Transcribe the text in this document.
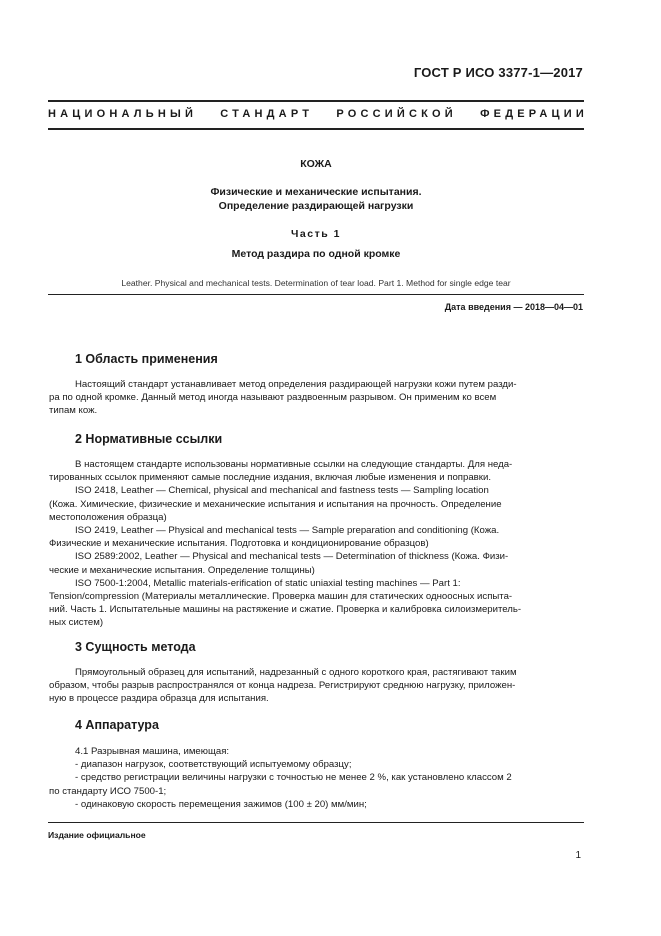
ГОСТ Р ИСО 3377-1—2017
НАЦИОНАЛЬНЫЙ СТАНДАРТ РОССИЙСКОЙ ФЕДЕРАЦИИ
КОЖА
Физические и механические испытания.
Определение раздирающей нагрузки
Часть 1
Метод раздира по одной кромке
Leather. Physical and mechanical tests. Determination of tear load. Part 1. Method for single edge tear
Дата введения — 2018—04—01
1 Область применения

Настоящий стандарт устанавливает метод определения раздирающей нагрузки кожи путем разди-

ра по одной кромке. Данный метод иногда называют раздвоенным разрывом. Он применим ко всем

типам кож.

2 Нормативные ссылки

В настоящем стандарте использованы нормативные ссылки на следующие стандарты. Для неда-

тированных ссылок применяют самые последние издания, включая любые изменения и поправки.

ISO 2418, Leather — Chemical, physical and mechanical and fastness tests — Sampling location

(Кожа. Химические, физические и механические испытания и испытания на прочность. Определение

местоположения образца)

ISO 2419, Leather — Physical and mechanical tests — Sample preparation and conditioning (Кожа.

Физические и механические испытания. Подготовка и кондиционирование образцов)

ISO 2589:2002, Leather — Physical and mechanical tests — Determination of thickness (Кожа. Физи-

ческие и механические испытания. Определение толщины)

ISO 7500-1:2004, Metallic materials-erification of static uniaxial testing machines — Part 1:

Tension/compression (Материалы металлические. Проверка машин для статических одноосных испыта-

ний. Часть 1. Испытательные машины на растяжение и сжатие. Проверка и калибровка силоизмеритель-

ных систем)

3 Сущность метода

Прямоугольный образец для испытаний, надрезанный с одного короткого края, растягивают таким

образом, чтобы разрыв распространялся от конца надреза. Регистрируют среднюю нагрузку, приложен-

ную в процессе раздира образца для испытания.

4 Аппаратура

4.1 Разрывная машина, имеющая:

- диапазон нагрузок, соответствующий испытуемому образцу;

- средство регистрации величины нагрузки с точностью не менее 2 %, как установлено классом 2

по стандарту ИСО 7500-1;

- одинаковую скорость перемещения зажимов (100 ± 20) мм/мин;

Издание официальное
1
